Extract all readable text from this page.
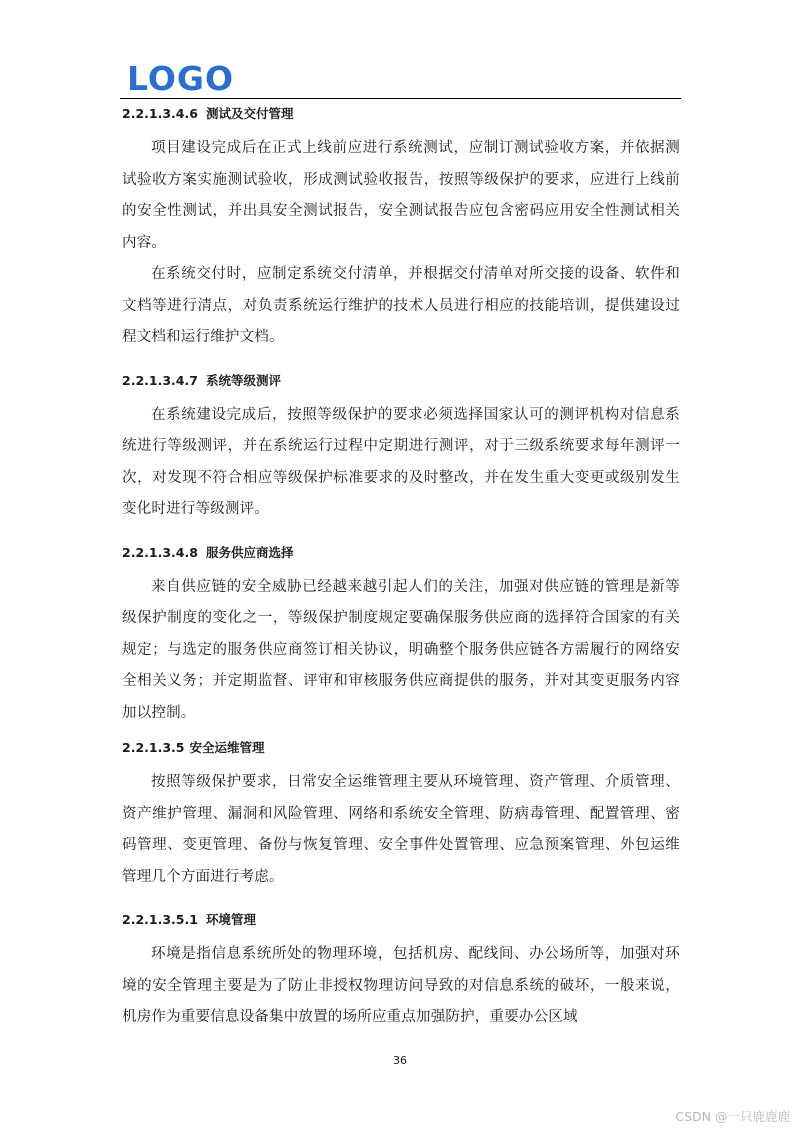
LOGO
2.2.1.3.4.6 测试及交付管理

项目建设完成后在正式上线前应进行系统测试，应制订测试验收方案，并依据测试验收方案实施测试验收，形成测试验收报告，按照等级保护的要求，应进行上线前的安全性测试，并出具安全测试报告，安全测试报告应包含密码应用安全性测试相关内容。

在系统交付时，应制定系统交付清单，并根据交付清单对所交接的设备、软件和文档等进行清点，对负责系统运行维护的技术人员进行相应的技能培训，提供建设过程文档和运行维护文档。

2.2.1.3.4.7 系统等级测评

在系统建设完成后，按照等级保护的要求必须选择国家认可的测评机构对信息系统进行等级测评，并在系统运行过程中定期进行测评，对于三级系统要求每年测评一次，对发现不符合相应等级保护标准要求的及时整改，并在发生重大变更或级别发生变化时进行等级测评。

2.2.1.3.4.8 服务供应商选择

来自供应链的安全威胁已经越来越引起人们的关注，加强对供应链的管理是新等级保护制度的变化之一，等级保护制度规定要确保服务供应商的选择符合国家的有关规定；与选定的服务供应商签订相关协议，明确整个服务供应链各方需履行的网络安全相关义务；并定期监督、评审和审核服务供应商提供的服务，并对其变更服务内容加以控制。

2.2.1.3.5 安全运维管理

按照等级保护要求，日常安全运维管理主要从环境管理、资产管理、介质管理、资产维护管理、漏洞和风险管理、网络和系统安全管理、防病毒管理、配置管理、密码管理、变更管理、备份与恢复管理、安全事件处置管理、应急预案管理、外包运维管理几个方面进行考虑。

2.2.1.3.5.1 环境管理

环境是指信息系统所处的物理环境，包括机房、配线间、办公场所等，加强对环境的安全管理主要是为了防止非授权物理访问导致的对信息系统的破坏，一般来说，机房作为重要信息设备集中放置的场所应重点加强防护，重要办公区域

36
CSDN @一只鹿鹿鹿
